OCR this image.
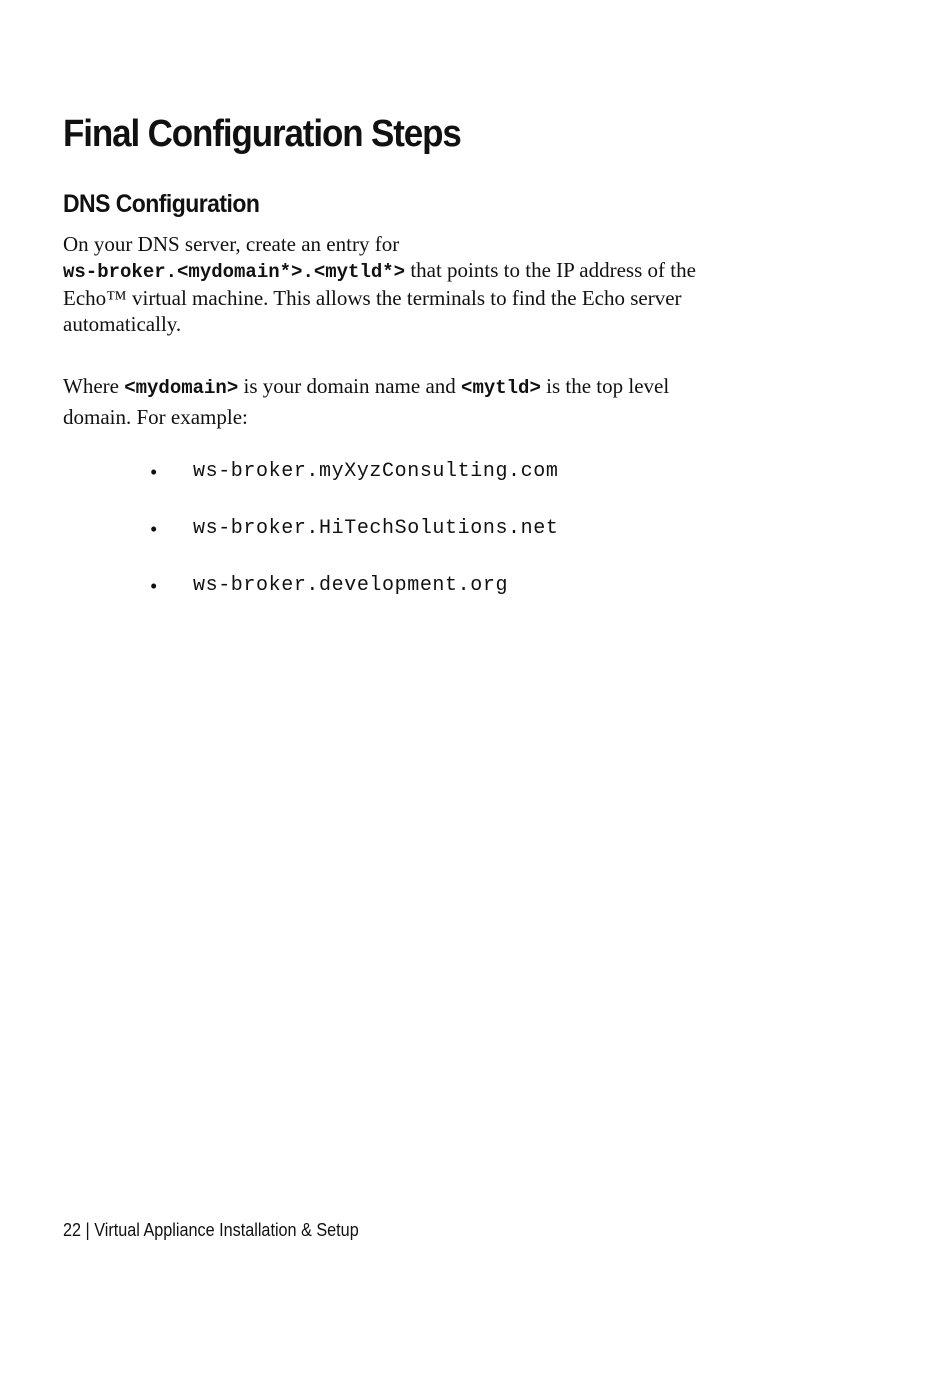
Final Configuration Steps
DNS Configuration

On your DNS server, create an entry for
ws-broker.<mydomain*>.<mytld*> that points to the IP address of the
Echo™ virtual machine. This allows the terminals to find the Echo server
automatically.

Where <mydomain> is your domain name and <mytld> is the top level
domain. For example:

•	ws-broker.myXyzConsulting.com
•	ws-broker.HiTechSolutions.net
•	ws-broker.development.org

22 | Virtual Appliance Installation & Setup
